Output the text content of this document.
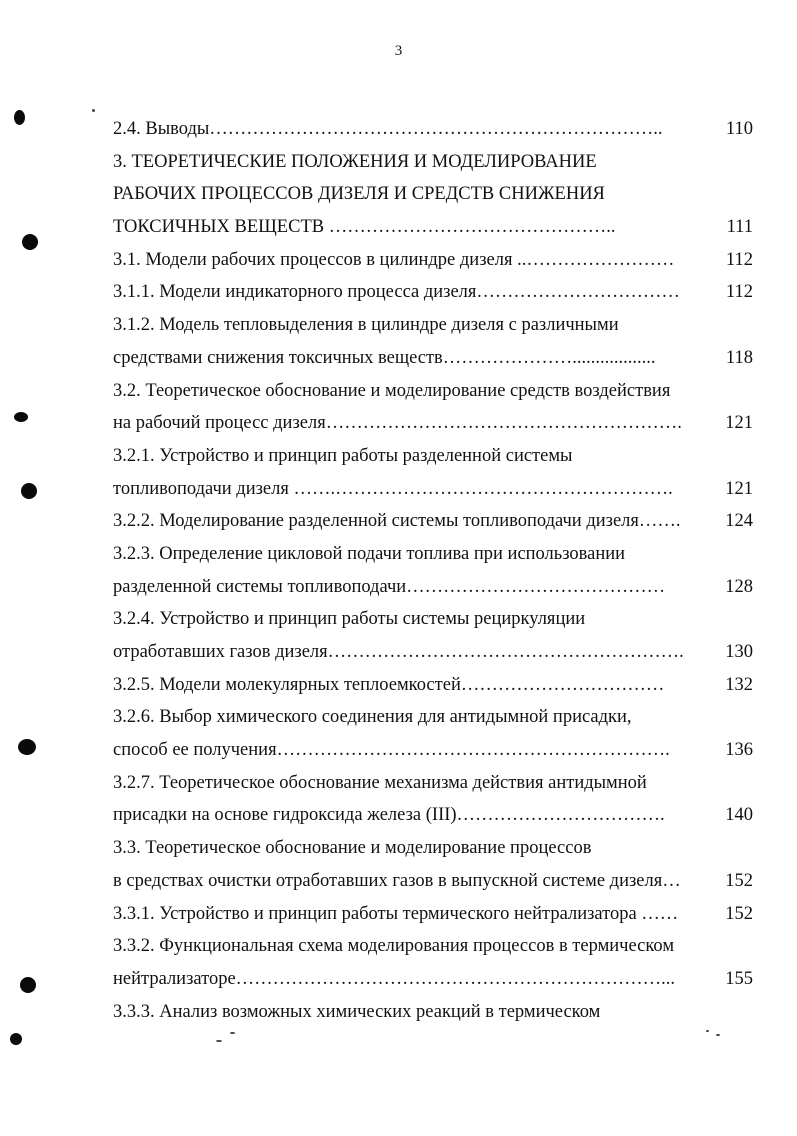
3
2.4. Выводы………………………………………………………………..	110
3. ТЕОРЕТИЧЕСКИЕ ПОЛОЖЕНИЯ И МОДЕЛИРОВАНИЕ
РАБОЧИХ ПРОЦЕССОВ ДИЗЕЛЯ И СРЕДСТВ СНИЖЕНИЯ
ТОКСИЧНЫХ ВЕЩЕСТВ ………………………………………..	111
3.1. Модели рабочих процессов в цилиндре дизеля ..……………………	112
3.1.1. Модели индикаторного процесса дизеля……………………………	112
3.1.2. Модель тепловыделения в цилиндре дизеля с различными
средствами снижения токсичных веществ…………………..................	118
3.2. Теоретическое обоснование и моделирование средств воздействия
на рабочий процесс дизеля………………………………………………….	121
3.2.1. Устройство и принцип работы разделенной системы
топливоподачи дизеля …….……………………………………………….	121
3.2.2. Моделирование разделенной системы топливоподачи дизеля…….	124
3.2.3. Определение цикловой подачи топлива при использовании
разделенной системы топливоподачи……………………………………	128
3.2.4. Устройство и принцип работы системы рециркуляции
отработавших газов дизеля………………………………………………….	130
3.2.5. Модели молекулярных теплоемкостей……………………………	132
3.2.6. Выбор химического соединения для антидымной присадки,
способ ее получения……………………………………………………….	136
3.2.7. Теоретическое обоснование механизма действия антидымной
присадки на основе гидроксида железа (III)…………………………….	140
3.3. Теоретическое обоснование и моделирование процессов
в средствах очистки отработавших газов в выпускной системе дизеля…	152
3.3.1. Устройство и принцип работы термического нейтрализатора ……	152
3.3.2. Функциональная схема моделирования процессов в термическом
нейтрализаторе……………………………………………………………...	155
3.3.3. Анализ возможных химических реакций в термическом
